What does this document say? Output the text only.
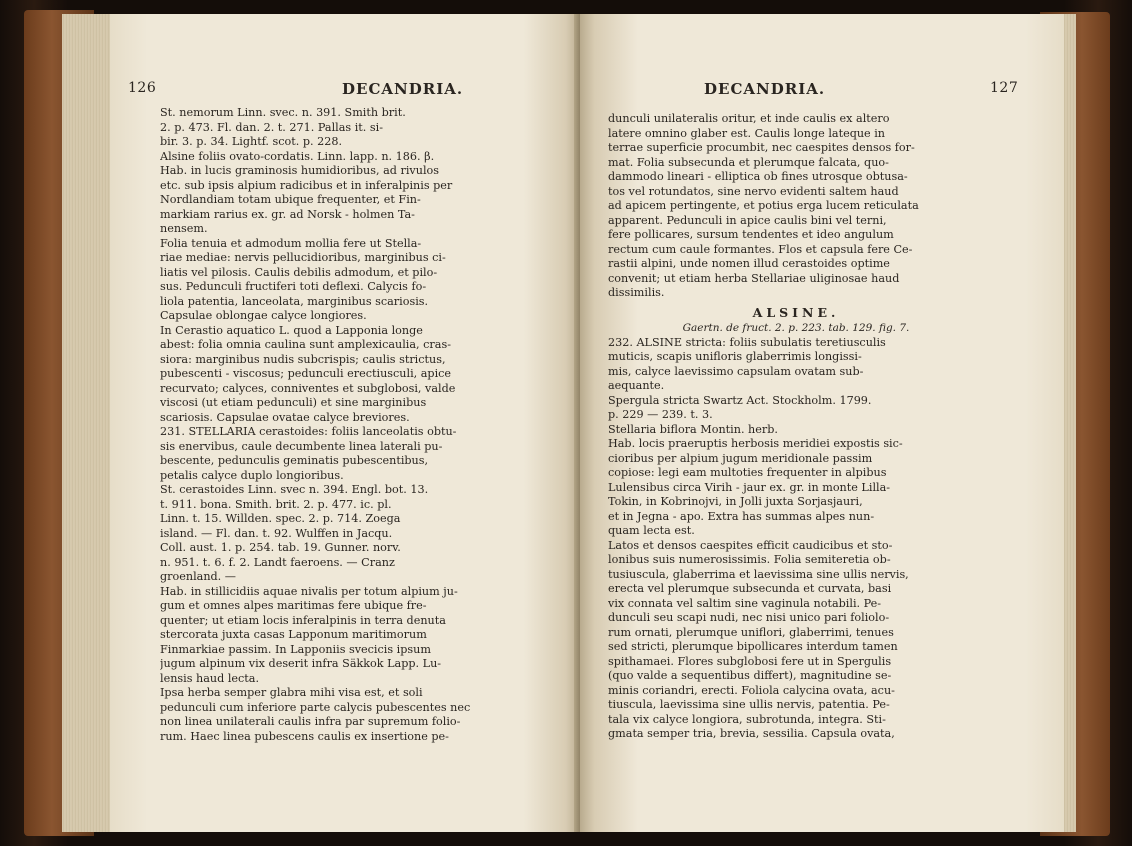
126	DECANDRIA.
St. nemorum Linn. svec. n. 391. Smith brit.
2. p. 473. Fl. dan. 2. t. 271. Pallas it. si-
bir. 3. p. 34. Lightf. scot. p. 228.
Alsine foliis ovato-cordatis. Linn. lapp. n. 186. β.
Hab. in lucis graminosis humidioribus, ad rivulos
etc. sub ipsis alpium radicibus et in inferalpinis per
Nordlandiam totam ubique frequenter, et Fin-
markiam rarius ex. gr. ad Norsk - holmen Ta-
nensem.
Folia tenuia et admodum mollia fere ut Stella-
riae mediae: nervis pellucidioribus, marginibus ci-
liatis vel pilosis. Caulis debilis admodum, et pilo-
sus. Pedunculi fructiferi toti deflexi. Calycis fo-
liola patentia, lanceolata, marginibus scariosis.
Capsulae oblongae calyce longiores.
In Cerastio aquatico L. quod a Lapponia longe
abest: folia omnia caulina sunt amplexicaulia, cras-
siora: marginibus nudis subcrispis; caulis strictus,
pubescenti - viscosus; pedunculi erectiusculi, apice
recurvato; calyces, conniventes et subglobosi, valde
viscosi (ut etiam pedunculi) et sine marginibus
scariosis. Capsulae ovatae calyce breviores.
231. STELLARIA cerastoides: foliis lanceolatis obtu-
sis enervibus, caule decumbente linea laterali pu-
bescente, pedunculis geminatis pubescentibus,
petalis calyce duplo longioribus.
St. cerastoides Linn. svec n. 394. Engl. bot. 13.
t. 911. bona. Smith. brit. 2. p. 477. ic. pl.
Linn. t. 15. Willden. spec. 2. p. 714. Zoega
island. — Fl. dan. t. 92. Wulffen in Jacqu.
Coll. aust. 1. p. 254. tab. 19. Gunner. norv.
n. 951. t. 6. f. 2. Landt faeroens. — Cranz
groenland. —
Hab. in stillicidiis aquae nivalis per totum alpium ju-
gum et omnes alpes maritimas fere ubique fre-
quenter; ut etiam locis inferalpinis in terra denuta
stercorata juxta casas Lapponum maritimorum
Finmarkiae passim. In Lapponiis svecicis ipsum
jugum alpinum vix deserit infra Säkkok Lapp. Lu-
lensis haud lecta.
Ipsa herba semper glabra mihi visa est, et soli
pedunculi cum inferiore parte calycis pubescentes nec
non linea unilaterali caulis infra par supremum folio-
rum. Haec linea pubescens caulis ex insertione pe-
DECANDRIA.	127
dunculi unilateralis oritur, et inde caulis ex altero
latere omnino glaber est. Caulis longe lateque in
terrae superficie procumbit, nec caespites densos for-
mat. Folia subsecunda et plerumque falcata, quo-
dammodo lineari - elliptica ob fines utrosque obtusa-
tos vel rotundatos, sine nervo evidenti saltem haud
ad apicem pertingente, et potius erga lucem reticulata
apparent. Pedunculi in apice caulis bini vel terni,
fere pollicares, sursum tendentes et ideo angulum
rectum cum caule formantes. Flos et capsula fere Ce-
rastii alpini, unde nomen illud cerastoides optime
convenit; ut etiam herba Stellariae uliginosae haud
dissimilis.
ALSINE.
Gaertn. de fruct. 2. p. 223. tab. 129. fig. 7.
232. ALSINE stricta: foliis subulatis teretiusculis
muticis, scapis unifloris glaberrimis longissi-
mis, calyce laevissimo capsulam ovatam sub-
aequante.
Spergula stricta Swartz Act. Stockholm. 1799.
p. 229 — 239. t. 3.
Stellaria biflora Montin. herb.
Hab. locis praeruptis herbosis meridiei expostis sic-
cioribus per alpium jugum meridionale passim
copiose: legi eam multoties frequenter in alpibus
Lulensibus circa Virih - jaur ex. gr. in monte Lilla-
Tokin, in Kobrinojvi, in Jolli juxta Sorjasjauri,
et in Jegna - apo. Extra has summas alpes nun-
quam lecta est.
Latos et densos caespites efficit caudicibus et sto-
lonibus suis numerosissimis. Folia semiteretia ob-
tusiuscula, glaberrima et laevissima sine ullis nervis,
erecta vel plerumque subsecunda et curvata, basi
vix connata vel saltim sine vaginula notabili. Pe-
dunculi seu scapi nudi, nec nisi unico pari foliolo-
rum ornati, plerumque uniflori, glaberrimi, tenues
sed stricti, plerumque bipollicares interdum tamen
spithamaei. Flores subglobosi fere ut in Spergulis
(quo valde a sequentibus differt), magnitudine se-
minis coriandri, erecti. Foliola calycina ovata, acu-
tiuscula, laevissima sine ullis nervis, patentia. Pe-
tala vix calyce longiora, subrotunda, integra. Sti-
gmata semper tria, brevia, sessilia. Capsula ovata,
